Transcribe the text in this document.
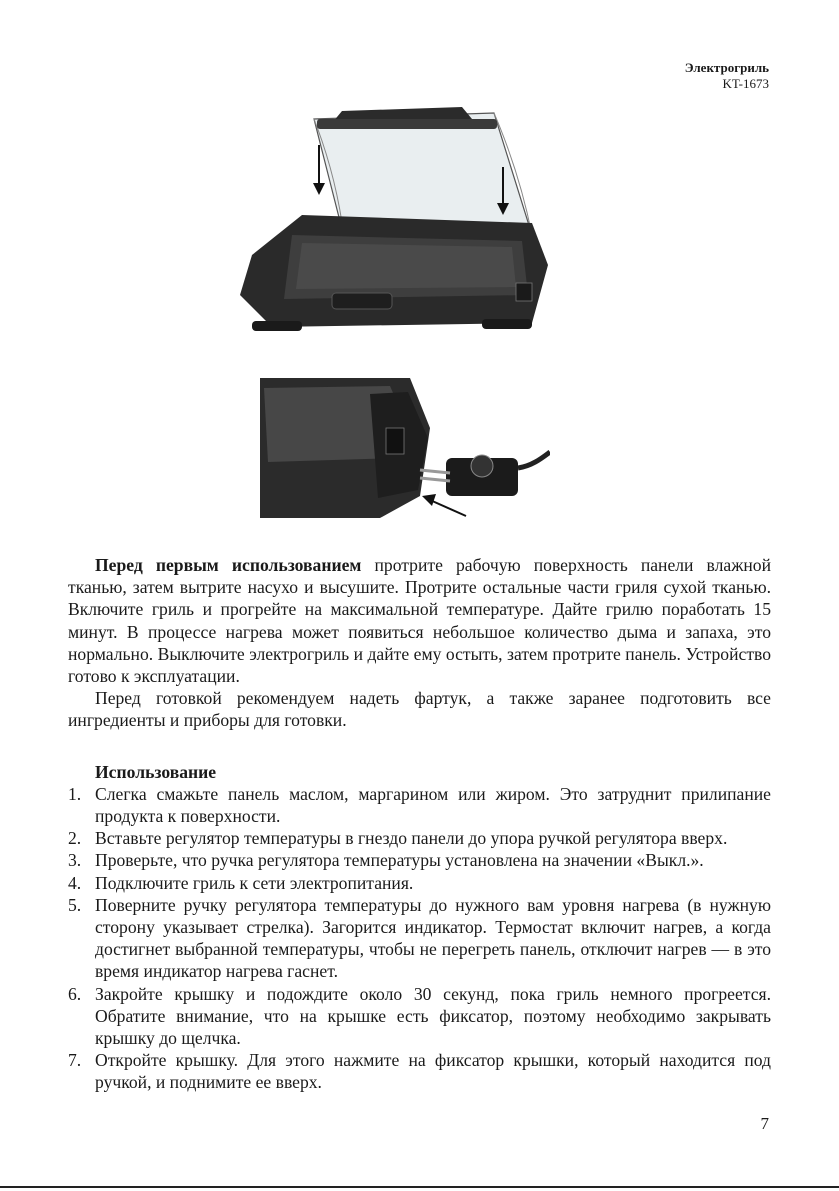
Электрогриль
KT-1673

Перед первым использованием протрите рабочую поверхность панели влажной тканью, затем вытрите насухо и высушите. Протрите остальные части гриля сухой тканью. Включите гриль и прогрейте на максимальной температуре. Дайте грилю поработать 15 минут. В процессе нагрева может появиться небольшое количество дыма и запаха, это нормально. Выключите электрогриль и дайте ему остыть, затем протрите панель. Устройство готово к эксплуатации.

Перед готовкой рекомендуем надеть фартук, а также заранее подготовить все ингредиенты и приборы для готовки.

Использование
1. Слегка смажьте панель маслом, маргарином или жиром. Это затруднит прилипание продукта к поверхности.
2. Вставьте регулятор температуры в гнездо панели до упора ручкой регулятора вверх.
3. Проверьте, что ручка регулятора температуры установлена на значении «Выкл.».
4. Подключите гриль к сети электропитания.
5. Поверните ручку регулятора температуры до нужного вам уровня нагрева (в нужную сторону указывает стрелка). Загорится индикатор. Термостат включит нагрев, а когда достигнет выбранной температуры, чтобы не перегреть панель, отключит нагрев — в это время индикатор нагрева гаснет.
6. Закройте крышку и подождите около 30 секунд, пока гриль немного прогреется. Обратите внимание, что на крышке есть фиксатор, поэтому необходимо закрывать крышку до щелчка.
7. Откройте крышку. Для этого нажмите на фиксатор крышки, который находится под ручкой, и поднимите ее вверх.
7
